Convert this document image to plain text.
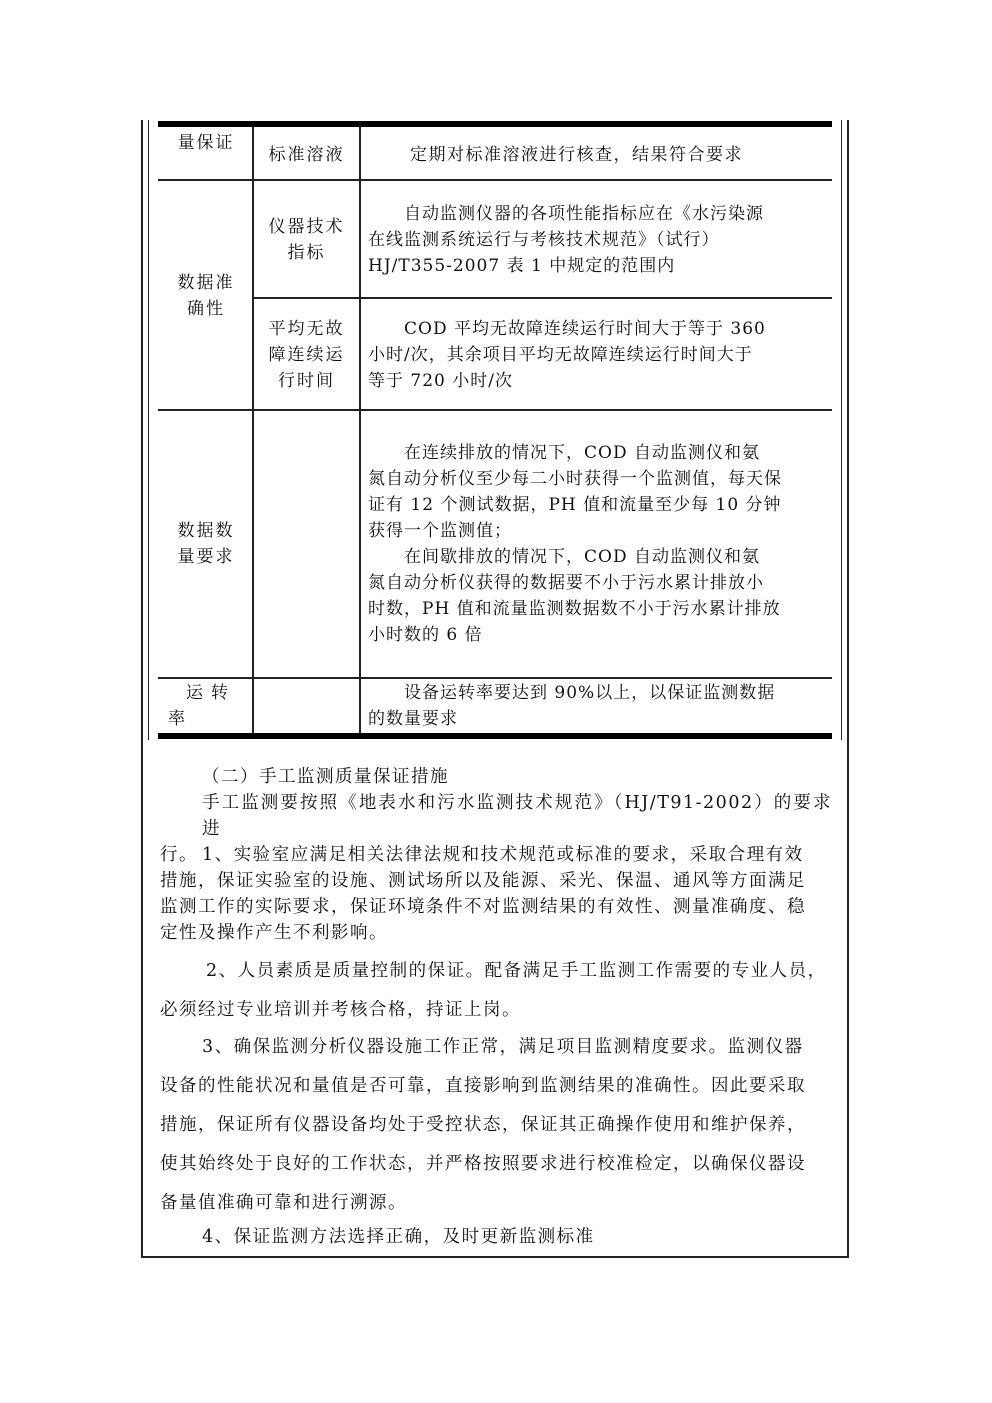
量保证
标准溶液	定期对标准溶液进行核查，结果符合要求
数据准
确性
仪器技术
指标
　　自动监测仪器的各项性能指标应在《水污染源
在线监测系统运行与考核技术规范》（试行）
HJ/T355-2007 表 1 中规定的范围内
平均无故
障连续运
行时间
　　COD 平均无故障连续运行时间大于等于 360
小时/次，其余项目平均无故障连续运行时间大于
等于 720 小时/次
数据数
量要求
　　在连续排放的情况下，COD 自动监测仪和氨
氮自动分析仪至少每二小时获得一个监测值，每天保
证有 12 个测试数据，PH 值和流量至少每 10 分钟
获得一个监测值；
　　在间歇排放的情况下，COD 自动监测仪和氨
氮自动分析仪获得的数据要不小于污水累计排放小
时数，PH 值和流量监测数据数不小于污水累计排放
小时数的 6 倍
运转
率
　　设备运转率要达到 90%以上，以保证监测数据
的数量要求
（二）手工监测质量保证措施
手工监测要按照《地表水和污水监测技术规范》（HJ/T91-2002）的要求进
行。 1、实验室应满足相关法律法规和技术规范或标准的要求，采取合理有效
措施，保证实验室的设施、测试场所以及能源、采光、保温、通风等方面满足
监测工作的实际要求，保证环境条件不对监测结果的有效性、测量准确度、稳
定性及操作产生不利影响。
2、人员素质是质量控制的保证。配备满足手工监测工作需要的专业人员，
必须经过专业培训并考核合格，持证上岗。
3、确保监测分析仪器设施工作正常，满足项目监测精度要求。监测仪器
设备的性能状况和量值是否可靠，直接影响到监测结果的准确性。因此要采取
措施，保证所有仪器设备均处于受控状态，保证其正确操作使用和维护保养，
使其始终处于良好的工作状态，并严格按照要求进行校准检定，以确保仪器设
备量值准确可靠和进行溯源。
4、保证监测方法选择正确，及时更新监测标准
